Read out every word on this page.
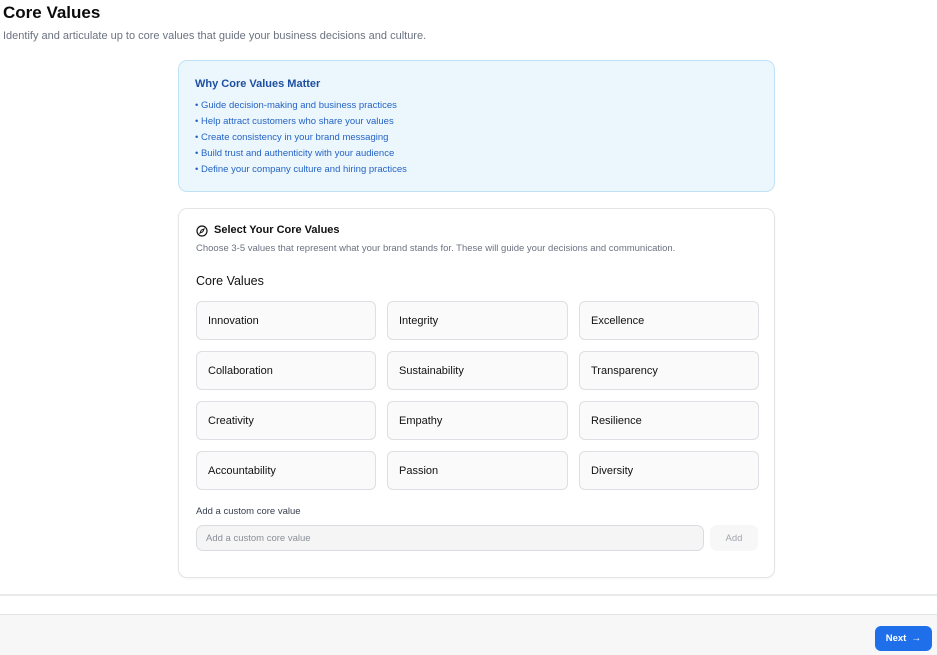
Core Values

Identify and articulate up to core values that guide your business decisions and culture.

Why Core Values Matter
• Guide decision-making and business practices
• Help attract customers who share your values
• Create consistency in your brand messaging
• Build trust and authenticity with your audience
• Define your company culture and hiring practices
Select Your Core Values
Choose 3-5 values that represent what your brand stands for. These will guide your decisions and communication.
Core Values
Innovation	Integrity	Excellence
Collaboration	Sustainability	Transparency
Creativity	Empathy	Resilience
Accountability	Passion	Diversity
Add a custom core value
Add a custom core value
Add
Next →
